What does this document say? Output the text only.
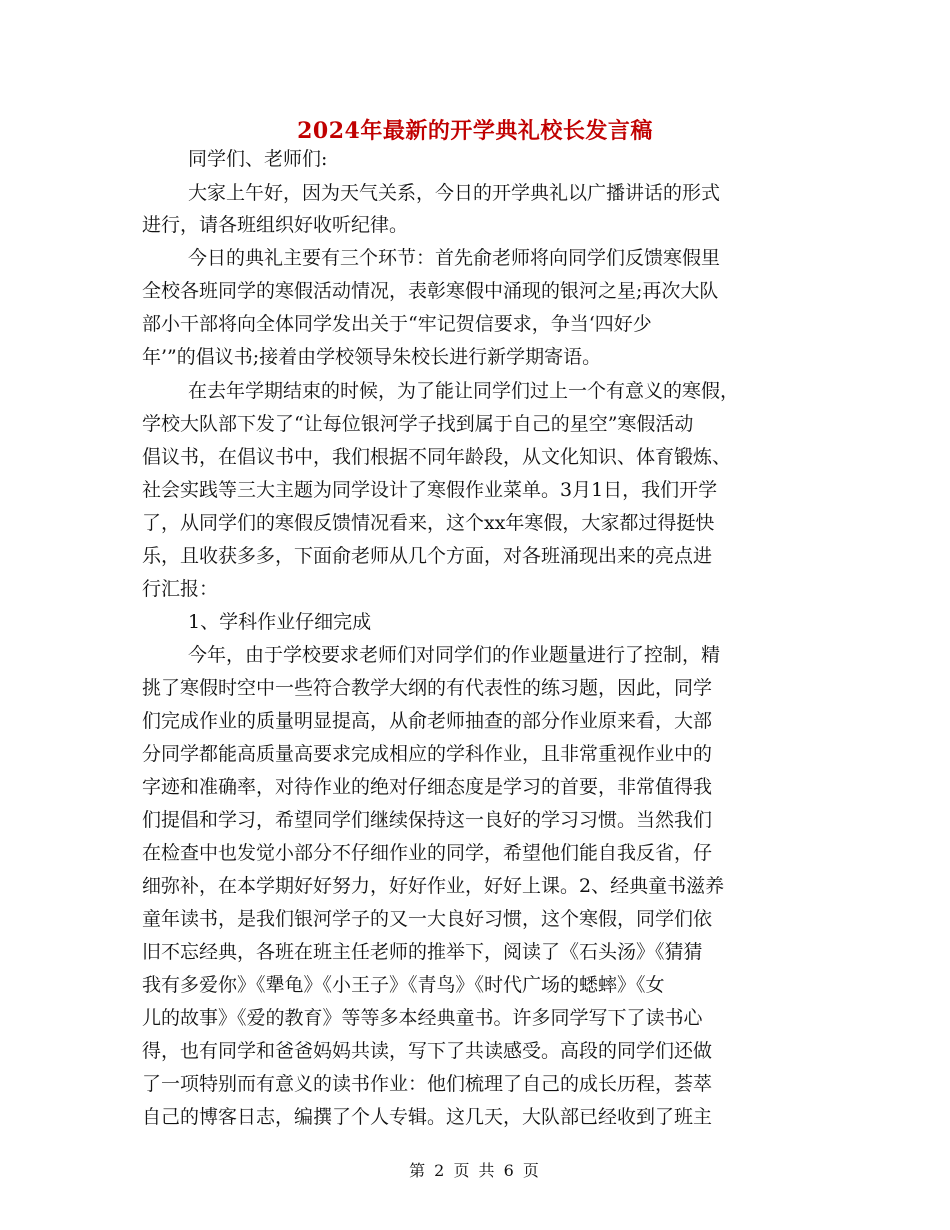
2024年最新的开学典礼校长发言稿
同学们、老师们:
大家上午好，因为天气关系，今日的开学典礼以广播讲话的形式
进行，请各班组织好收听纪律。
今日的典礼主要有三个环节：首先俞老师将向同学们反馈寒假里
全校各班同学的寒假活动情况，表彰寒假中涌现的银河之星;再次大队
部小干部将向全体同学发出关于“牢记贺信要求，争当‘四好少
年’”的倡议书;接着由学校领导朱校长进行新学期寄语。
在去年学期结束的时候，为了能让同学们过上一个有意义的寒假，
学校大队部下发了“让每位银河学子找到属于自己的星空”寒假活动
倡议书，在倡议书中，我们根据不同年龄段，从文化知识、体育锻炼、
社会实践等三大主题为同学设计了寒假作业菜单。3月1日，我们开学
了，从同学们的寒假反馈情况看来，这个xx年寒假，大家都过得挺快
乐，且收获多多，下面俞老师从几个方面，对各班涌现出来的亮点进
行汇报：
1、学科作业仔细完成
今年，由于学校要求老师们对同学们的作业题量进行了控制，精
挑了寒假时空中一些符合教学大纲的有代表性的练习题，因此，同学
们完成作业的质量明显提高，从俞老师抽查的部分作业原来看，大部
分同学都能高质量高要求完成相应的学科作业，且非常重视作业中的
字迹和准确率，对待作业的绝对仔细态度是学习的首要，非常值得我
们提倡和学习，希望同学们继续保持这一良好的学习习惯。当然我们
在检查中也发觉小部分不仔细作业的同学，希望他们能自我反省，仔
细弥补，在本学期好好努力，好好作业，好好上课。2、经典童书滋养
童年读书，是我们银河学子的又一大良好习惯，这个寒假，同学们依
旧不忘经典，各班在班主任老师的推举下，阅读了《石头汤》《猜猜
我有多爱你》《犟龟》《小王子》《青鸟》《时代广场的蟋蟀》《女
儿的故事》《爱的教育》等等多本经典童书。许多同学写下了读书心
得，也有同学和爸爸妈妈共读，写下了共读感受。高段的同学们还做
了一项特别而有意义的读书作业：他们梳理了自己的成长历程，荟萃
自己的博客日志，编撰了个人专辑。这几天，大队部已经收到了班主
第 2 页 共 6 页
